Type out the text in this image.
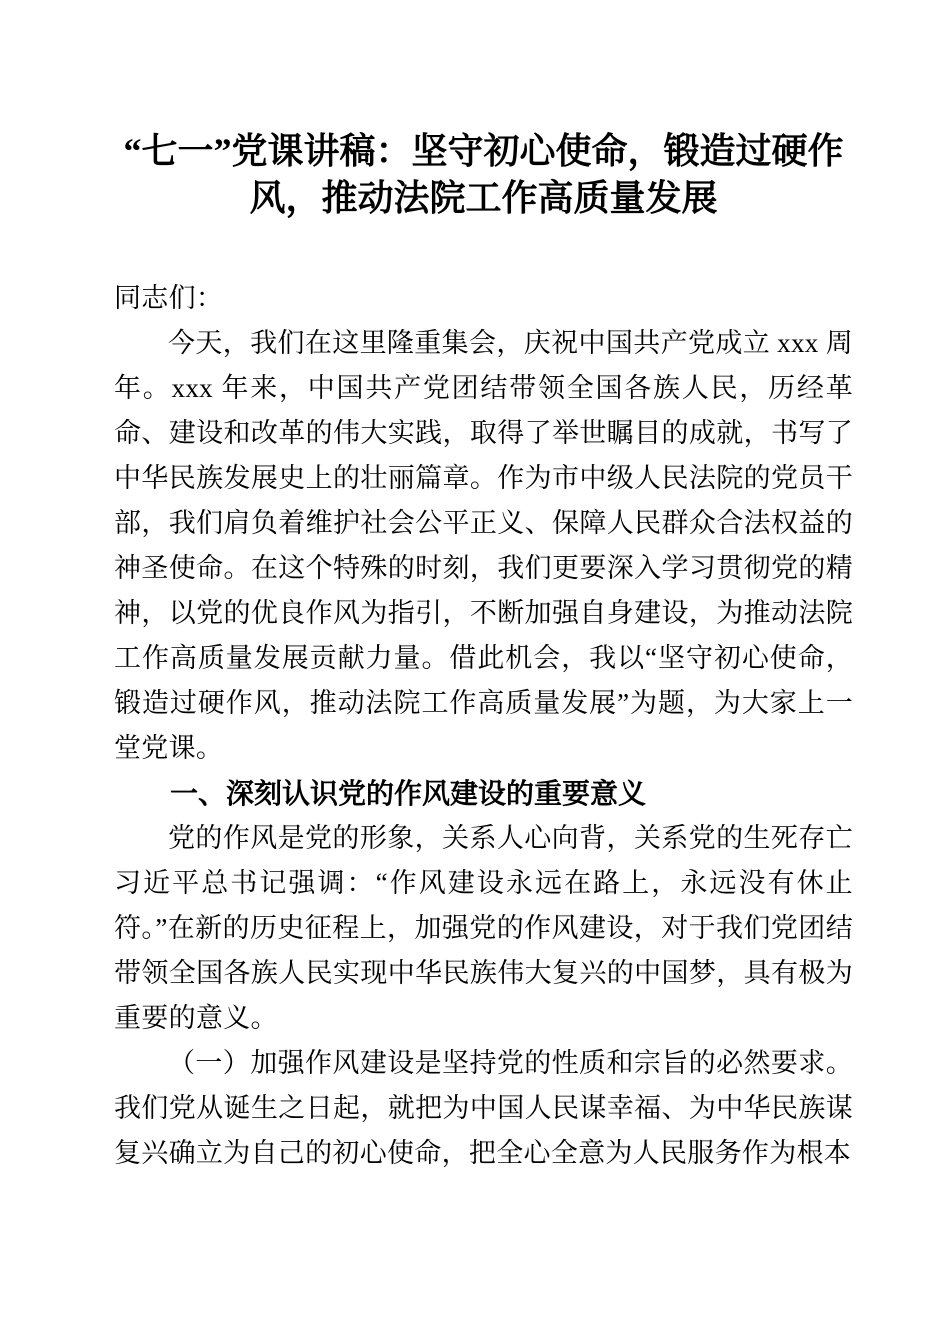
“七一”党课讲稿：坚守初心使命，锻造过硬作风，推动法院工作高质量发展

同志们：

今天，我们在这里隆重集会，庆祝中国共产党成立 xxx 周年。xxx 年来，中国共产党团结带领全国各族人民，历经革命、建设和改革的伟大实践，取得了举世瞩目的成就，书写了中华民族发展史上的壮丽篇章。作为市中级人民法院的党员干部，我们肩负着维护社会公平正义、保障人民群众合法权益的神圣使命。在这个特殊的时刻，我们更要深入学习贯彻党的精神，以党的优良作风为指引，不断加强自身建设，为推动法院工作高质量发展贡献力量。借此机会，我以“坚守初心使命，锻造过硬作风，推动法院工作高质量发展”为题，为大家上一堂党课。

一、深刻认识党的作风建设的重要意义

党的作风是党的形象，关系人心向背，关系党的生死存亡习近平总书记强调：“作风建设永远在路上，永远没有休止符。”在新的历史征程上，加强党的作风建设，对于我们党团结带领全国各族人民实现中华民族伟大复兴的中国梦，具有极为重要的意义。

（一）加强作风建设是坚持党的性质和宗旨的必然要求。我们党从诞生之日起，就把为中国人民谋幸福、为中华民族谋复兴确立为自己的初心使命，把全心全意为人民服务作为根本
